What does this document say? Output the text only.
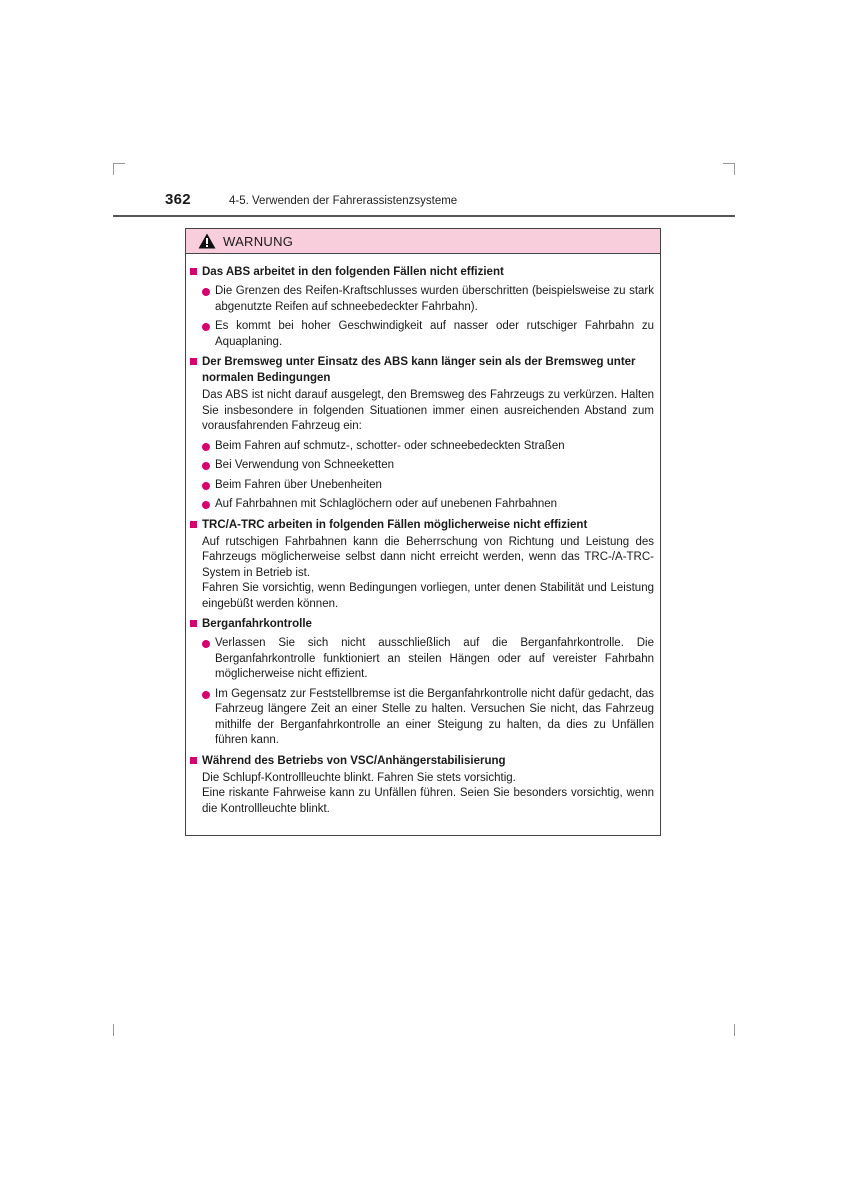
362	4-5. Verwenden der Fahrerassistenzsysteme
WARNUNG
Das ABS arbeitet in den folgenden Fällen nicht effizient
Die Grenzen des Reifen-Kraftschlusses wurden überschritten (beispielsweise zu stark abgenutzte Reifen auf schneebedeckter Fahrbahn).
Es kommt bei hoher Geschwindigkeit auf nasser oder rutschiger Fahrbahn zu Aquaplaning.
Der Bremsweg unter Einsatz des ABS kann länger sein als der Bremsweg unter normalen Bedingungen
Das ABS ist nicht darauf ausgelegt, den Bremsweg des Fahrzeugs zu verkürzen. Halten Sie insbesondere in folgenden Situationen immer einen ausreichenden Abstand zum vorausfahrenden Fahrzeug ein:
Beim Fahren auf schmutz-, schotter- oder schneebedeckten Straßen
Bei Verwendung von Schneeketten
Beim Fahren über Unebenheiten
Auf Fahrbahnen mit Schlaglöchern oder auf unebenen Fahrbahnen
TRC/A-TRC arbeiten in folgenden Fällen möglicherweise nicht effizient
Auf rutschigen Fahrbahnen kann die Beherrschung von Richtung und Leistung des Fahrzeugs möglicherweise selbst dann nicht erreicht werden, wenn das TRC-/A-TRC-System in Betrieb ist.
Fahren Sie vorsichtig, wenn Bedingungen vorliegen, unter denen Stabilität und Leistung eingebüßt werden können.
Berganfahrkontrolle
Verlassen Sie sich nicht ausschließlich auf die Berganfahrkontrolle. Die Berganfahrkontrolle funktioniert an steilen Hängen oder auf vereister Fahrbahn möglicherweise nicht effizient.
Im Gegensatz zur Feststellbremse ist die Berganfahrkontrolle nicht dafür gedacht, das Fahrzeug längere Zeit an einer Stelle zu halten. Versuchen Sie nicht, das Fahrzeug mithilfe der Berganfahrkontrolle an einer Steigung zu halten, da dies zu Unfällen führen kann.
Während des Betriebs von VSC/Anhängerstabilisierung
Die Schlupf-Kontrollleuchte blinkt. Fahren Sie stets vorsichtig.
Eine riskante Fahrweise kann zu Unfällen führen. Seien Sie besonders vorsichtig, wenn die Kontrollleuchte blinkt.
